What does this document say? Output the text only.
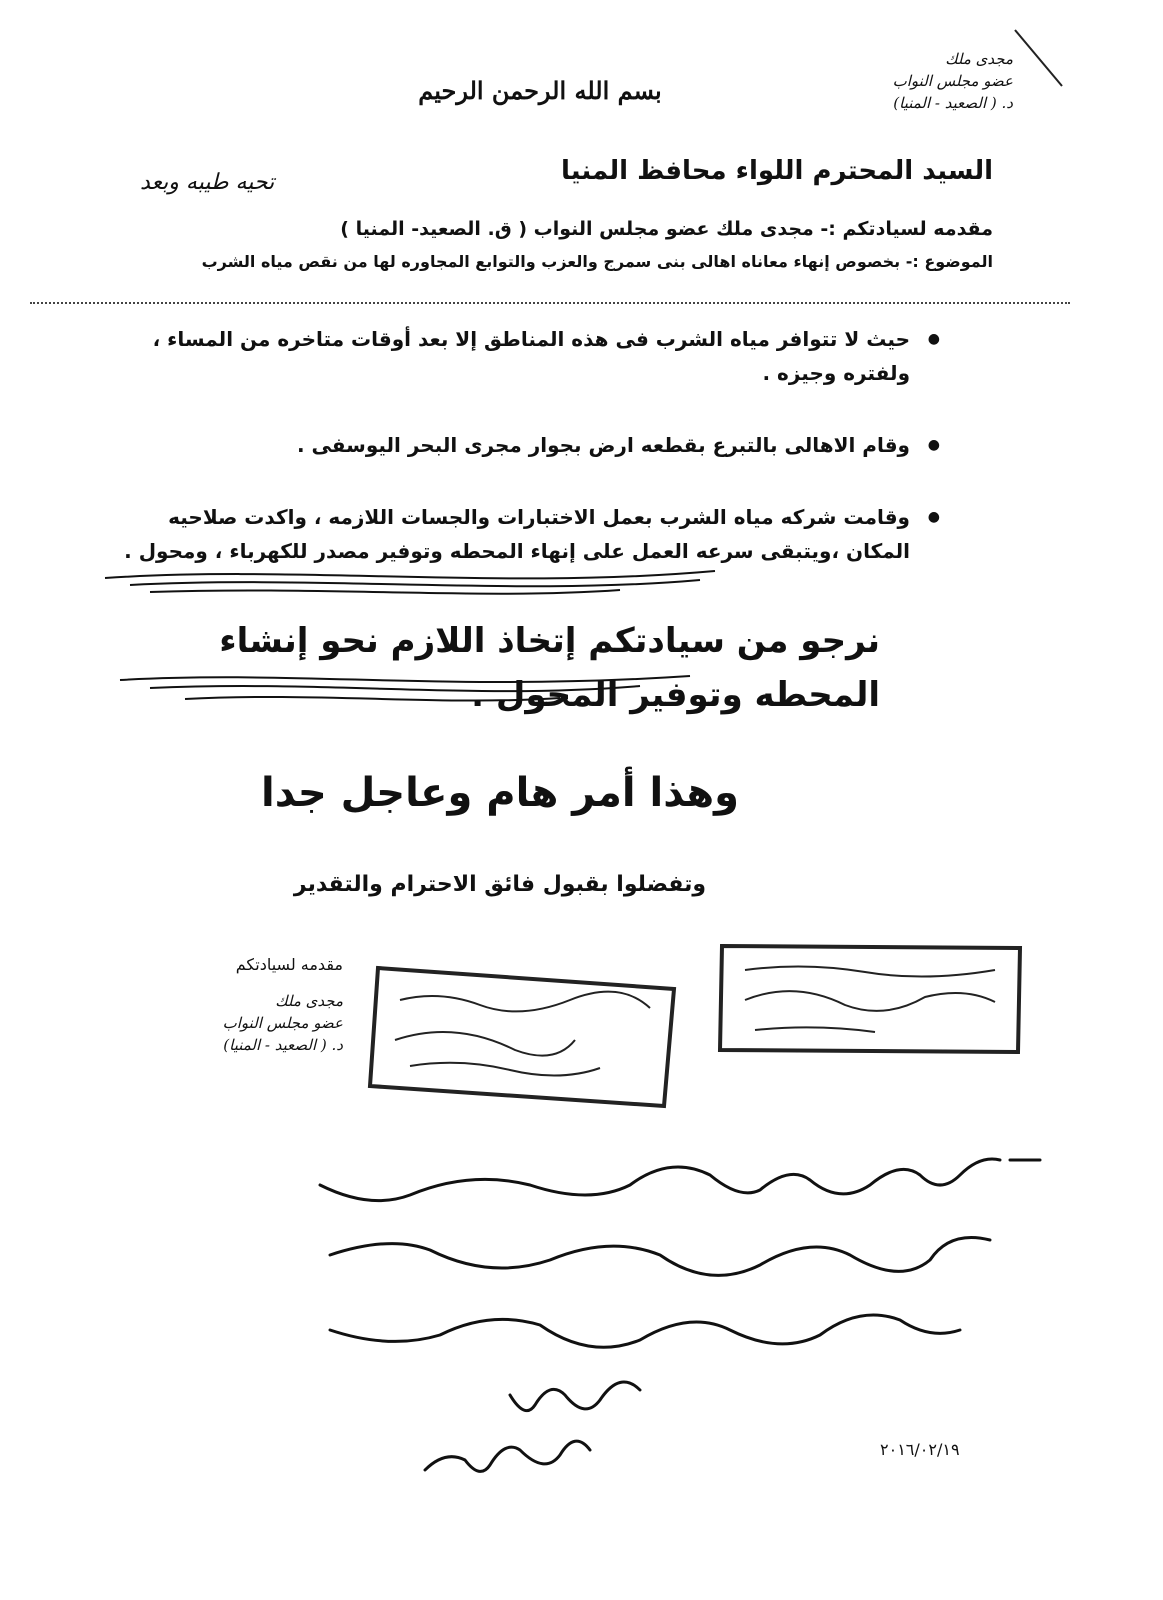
مجدى ملك
عضو مجلس النواب
د. ( الصعيد - المنيا)
بسم الله الرحمن الرحيم
السيد المحترم اللواء محافظ المنيا
تحيه طيبه وبعد
مقدمه لسيادتكم :- مجدى ملك عضو مجلس النواب ( ق. الصعيد- المنيا )
الموضوع :- بخصوص إنهاء معاناه اهالى بنى سمرج والعزب والتوابع المجاوره لها من نقص مياه الشرب
● حيث لا تتوافر مياه الشرب فى هذه المناطق إلا بعد أوقات متاخره من المساء ، ولفتره وجيزه .
● وقام الاهالى بالتبرع بقطعه ارض بجوار مجرى البحر اليوسفى .
● وقامت شركه مياه الشرب بعمل الاختبارات والجسات اللازمه ، واكدت صلاحيه المكان ،ويتبقى سرعه العمل على إنهاء المحطه وتوفير مصدر للكهرباء ، ومحول .
نرجو من سيادتكم إتخاذ اللازم نحو إنشاء المحطه وتوفير المحول .
وهذا أمر هام وعاجل جدا
وتفضلوا بقبول فائق الاحترام والتقدير
مقدمه لسيادتكم
مجدى ملك
عضو مجلس النواب
د. ( الصعيد - المنيا)
٢٠١٦/٠٢/١٩
